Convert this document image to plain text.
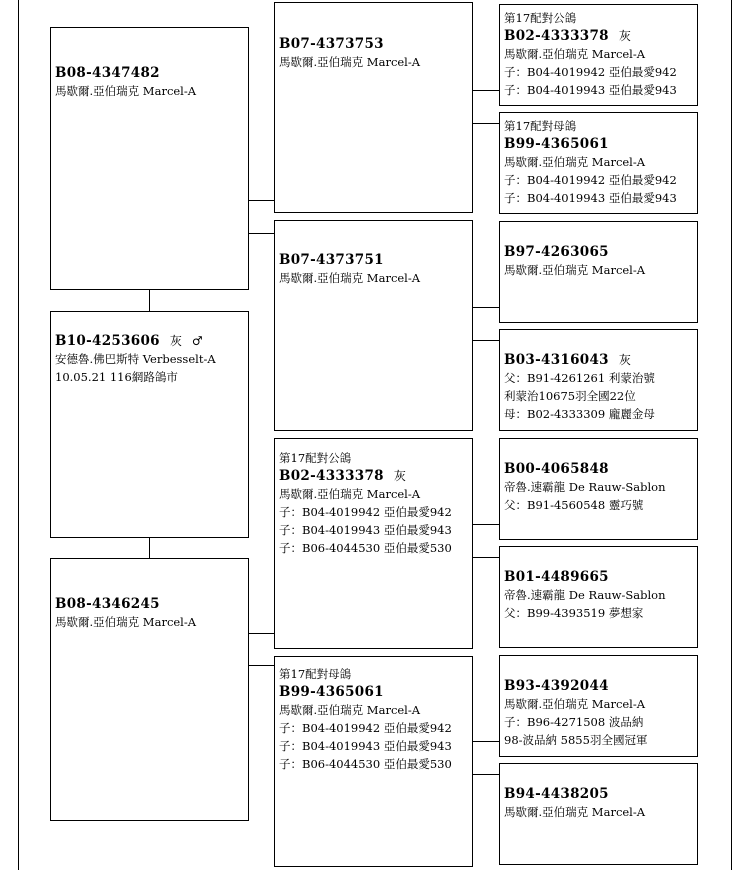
B08-4347482
馬歇爾.亞伯瑞克 Marcel-A
B10-4253606 灰 ♂
安德魯.佛巴斯特 Verbesselt-A
10.05.21 116網路鴿市
B08-4346245
馬歇爾.亞伯瑞克 Marcel-A
B07-4373753
馬歇爾.亞伯瑞克 Marcel-A
B07-4373751
馬歇爾.亞伯瑞克 Marcel-A
第17配對公鴿
B02-4333378 灰
馬歇爾.亞伯瑞克 Marcel-A
子：B04-4019942 亞伯最愛942
子：B04-4019943 亞伯最愛943
子：B06-4044530 亞伯最愛530
第17配對母鴿
B99-4365061
馬歇爾.亞伯瑞克 Marcel-A
子：B04-4019942 亞伯最愛942
子：B04-4019943 亞伯最愛943
子：B06-4044530 亞伯最愛530
第17配對公鴿
B02-4333378 灰
馬歇爾.亞伯瑞克 Marcel-A
子：B04-4019942 亞伯最愛942
子：B04-4019943 亞伯最愛943
第17配對母鴿
B99-4365061
馬歇爾.亞伯瑞克 Marcel-A
子：B04-4019942 亞伯最愛942
子：B04-4019943 亞伯最愛943
B97-4263065
馬歇爾.亞伯瑞克 Marcel-A
B03-4316043 灰
父：B91-4261261 利蒙治號
利蒙治10675羽全國22位
母：B02-4333309 龐麗金母
B00-4065848
帝魯.速霸龍 De Rauw-Sablon
父：B91-4560548 靈巧號
B01-4489665
帝魯.速霸龍 De Rauw-Sablon
父：B99-4393519 夢想家
B93-4392044
馬歇爾.亞伯瑞克 Marcel-A
子：B96-4271508 波品納
98-波品納 5855羽全國冠軍
B94-4438205
馬歇爾.亞伯瑞克 Marcel-A
